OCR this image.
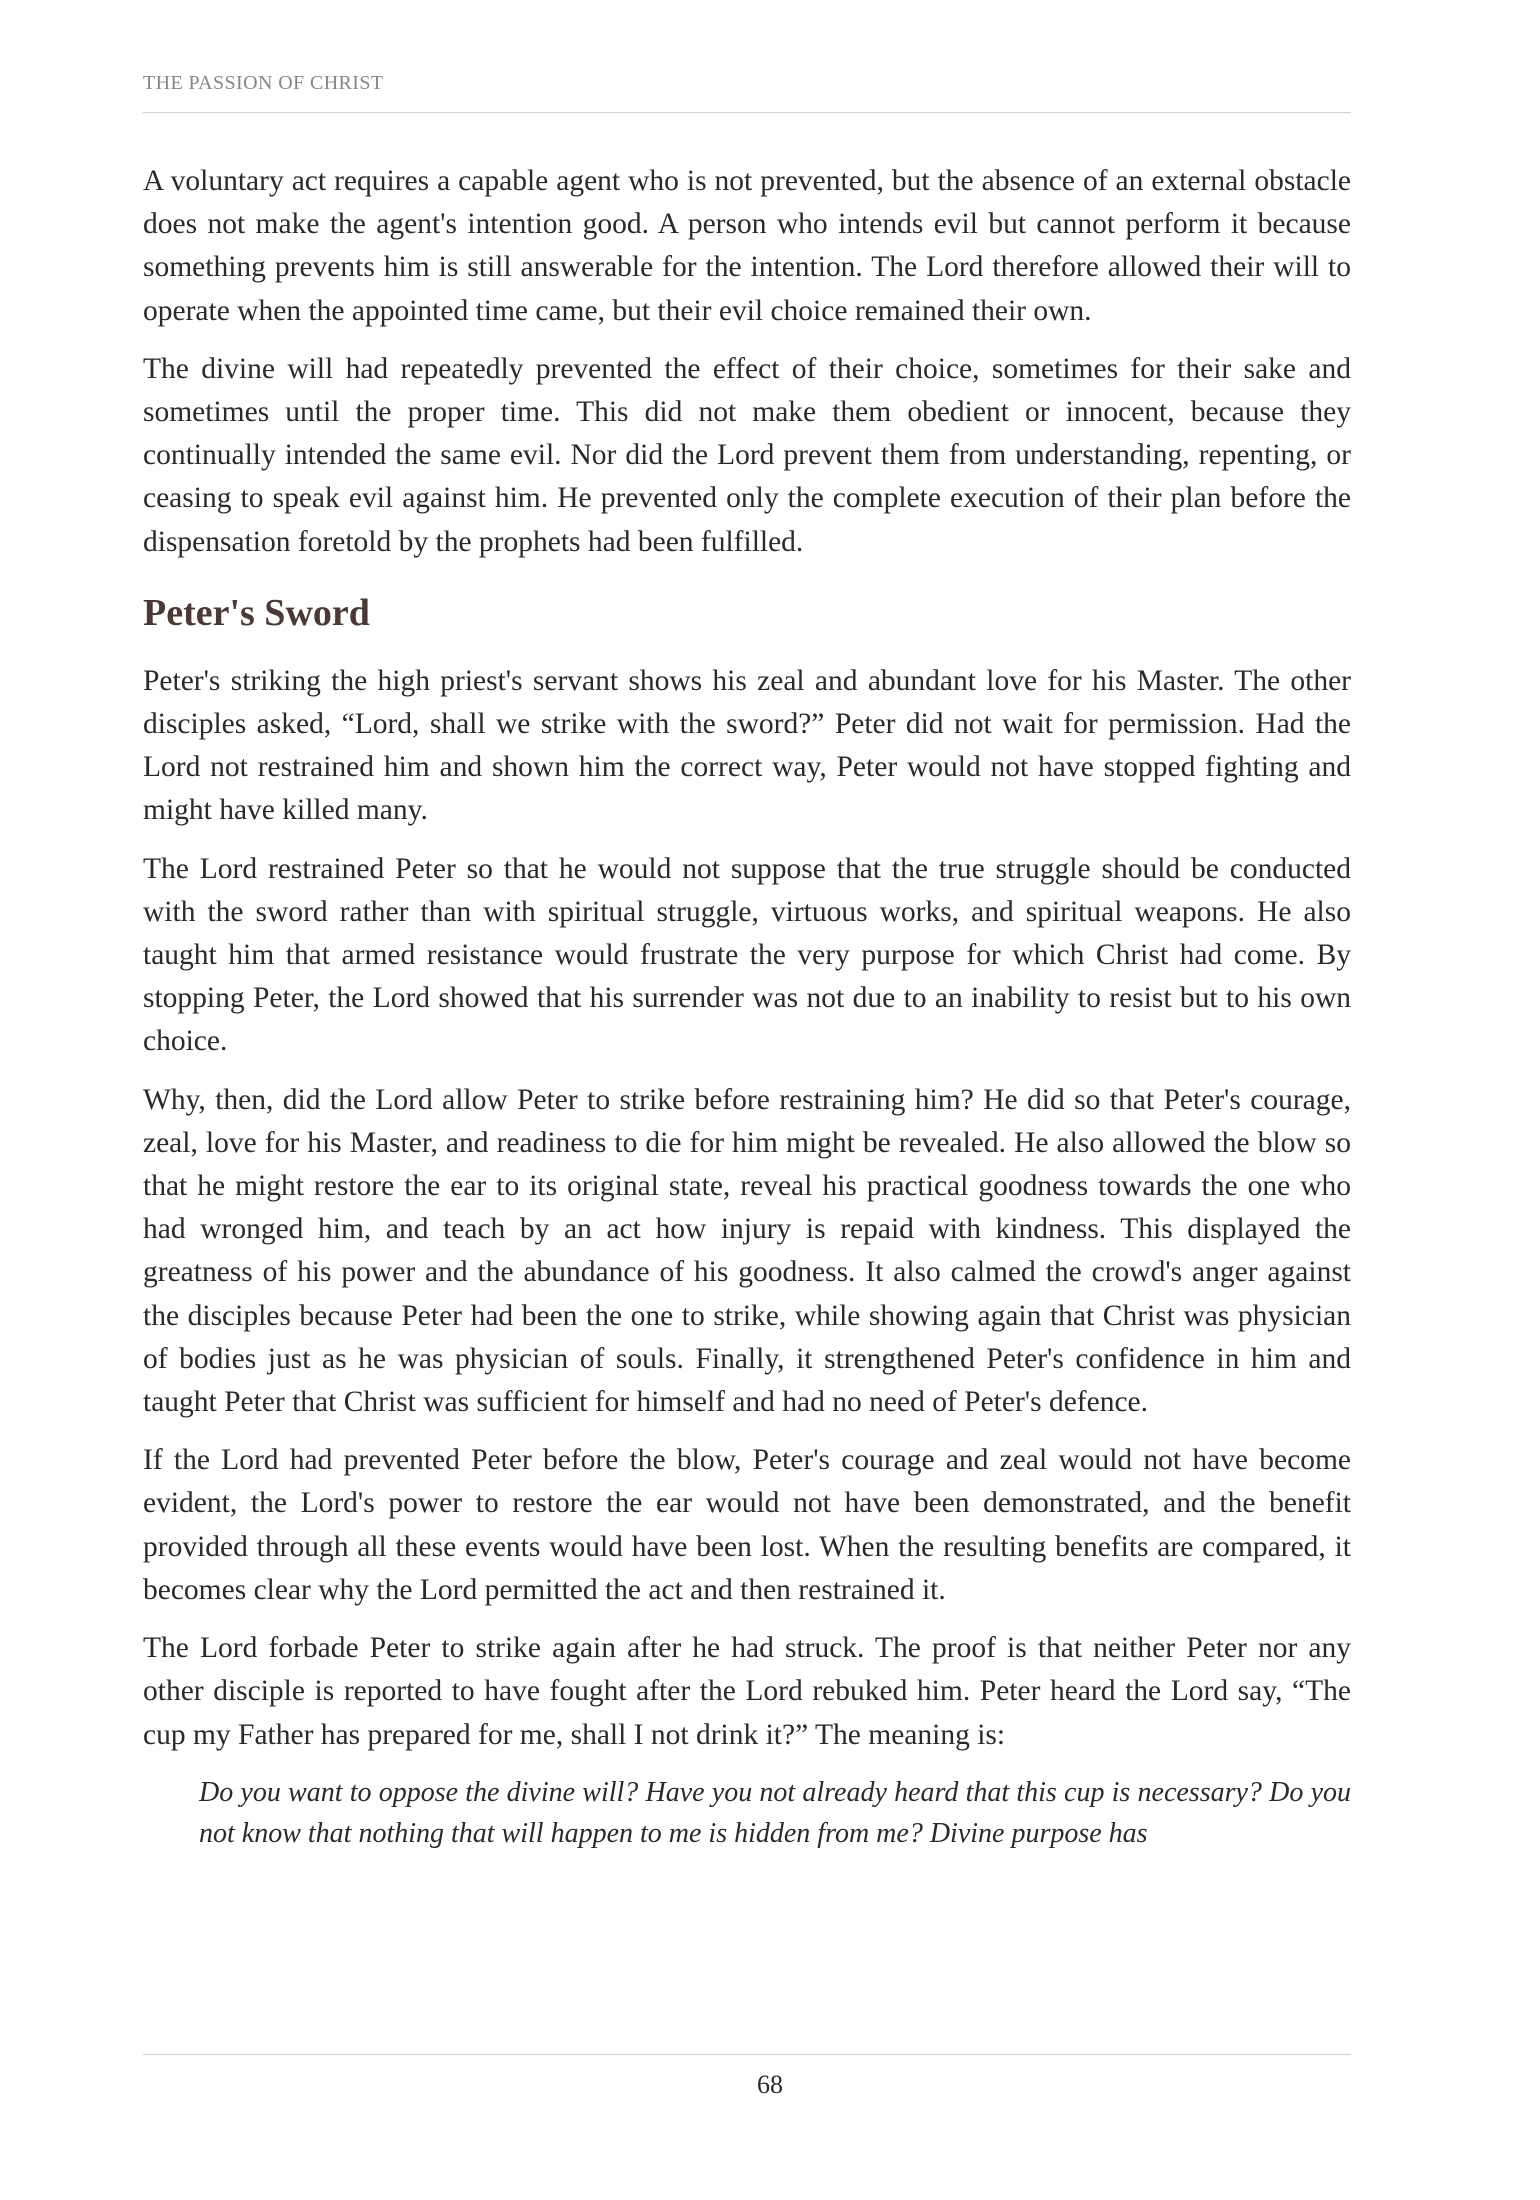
THE PASSION OF CHRIST

A voluntary act requires a capable agent who is not prevented, but the absence of an external obstacle does not make the agent's intention good. A person who intends evil but cannot perform it because something prevents him is still answerable for the intention. The Lord therefore allowed their will to operate when the appointed time came, but their evil choice remained their own.

The divine will had repeatedly prevented the effect of their choice, sometimes for their sake and sometimes until the proper time. This did not make them obedient or innocent, because they continually intended the same evil. Nor did the Lord prevent them from understanding, repenting, or ceasing to speak evil against him. He prevented only the complete execution of their plan before the dispensation foretold by the prophets had been fulfilled.

Peter's Sword

Peter's striking the high priest's servant shows his zeal and abundant love for his Master. The other disciples asked, “Lord, shall we strike with the sword?” Peter did not wait for permission. Had the Lord not restrained him and shown him the correct way, Peter would not have stopped fighting and might have killed many.

The Lord restrained Peter so that he would not suppose that the true struggle should be conducted with the sword rather than with spiritual struggle, virtuous works, and spiritual weapons. He also taught him that armed resistance would frustrate the very purpose for which Christ had come. By stopping Peter, the Lord showed that his surrender was not due to an inability to resist but to his own choice.

Why, then, did the Lord allow Peter to strike before restraining him? He did so that Peter's courage, zeal, love for his Master, and readiness to die for him might be revealed. He also allowed the blow so that he might restore the ear to its original state, reveal his practical goodness towards the one who had wronged him, and teach by an act how injury is repaid with kindness. This displayed the greatness of his power and the abundance of his goodness. It also calmed the crowd's anger against the disciples because Peter had been the one to strike, while showing again that Christ was physician of bodies just as he was physician of souls. Finally, it strengthened Peter's confidence in him and taught Peter that Christ was sufficient for himself and had no need of Peter's defence.

If the Lord had prevented Peter before the blow, Peter's courage and zeal would not have become evident, the Lord's power to restore the ear would not have been demonstrated, and the benefit provided through all these events would have been lost. When the resulting benefits are compared, it becomes clear why the Lord permitted the act and then restrained it.

The Lord forbade Peter to strike again after he had struck. The proof is that neither Peter nor any other disciple is reported to have fought after the Lord rebuked him. Peter heard the Lord say, “The cup my Father has prepared for me, shall I not drink it?” The meaning is:

Do you want to oppose the divine will? Have you not already heard that this cup is necessary? Do you not know that nothing that will happen to me is hidden from me? Divine purpose has

68
